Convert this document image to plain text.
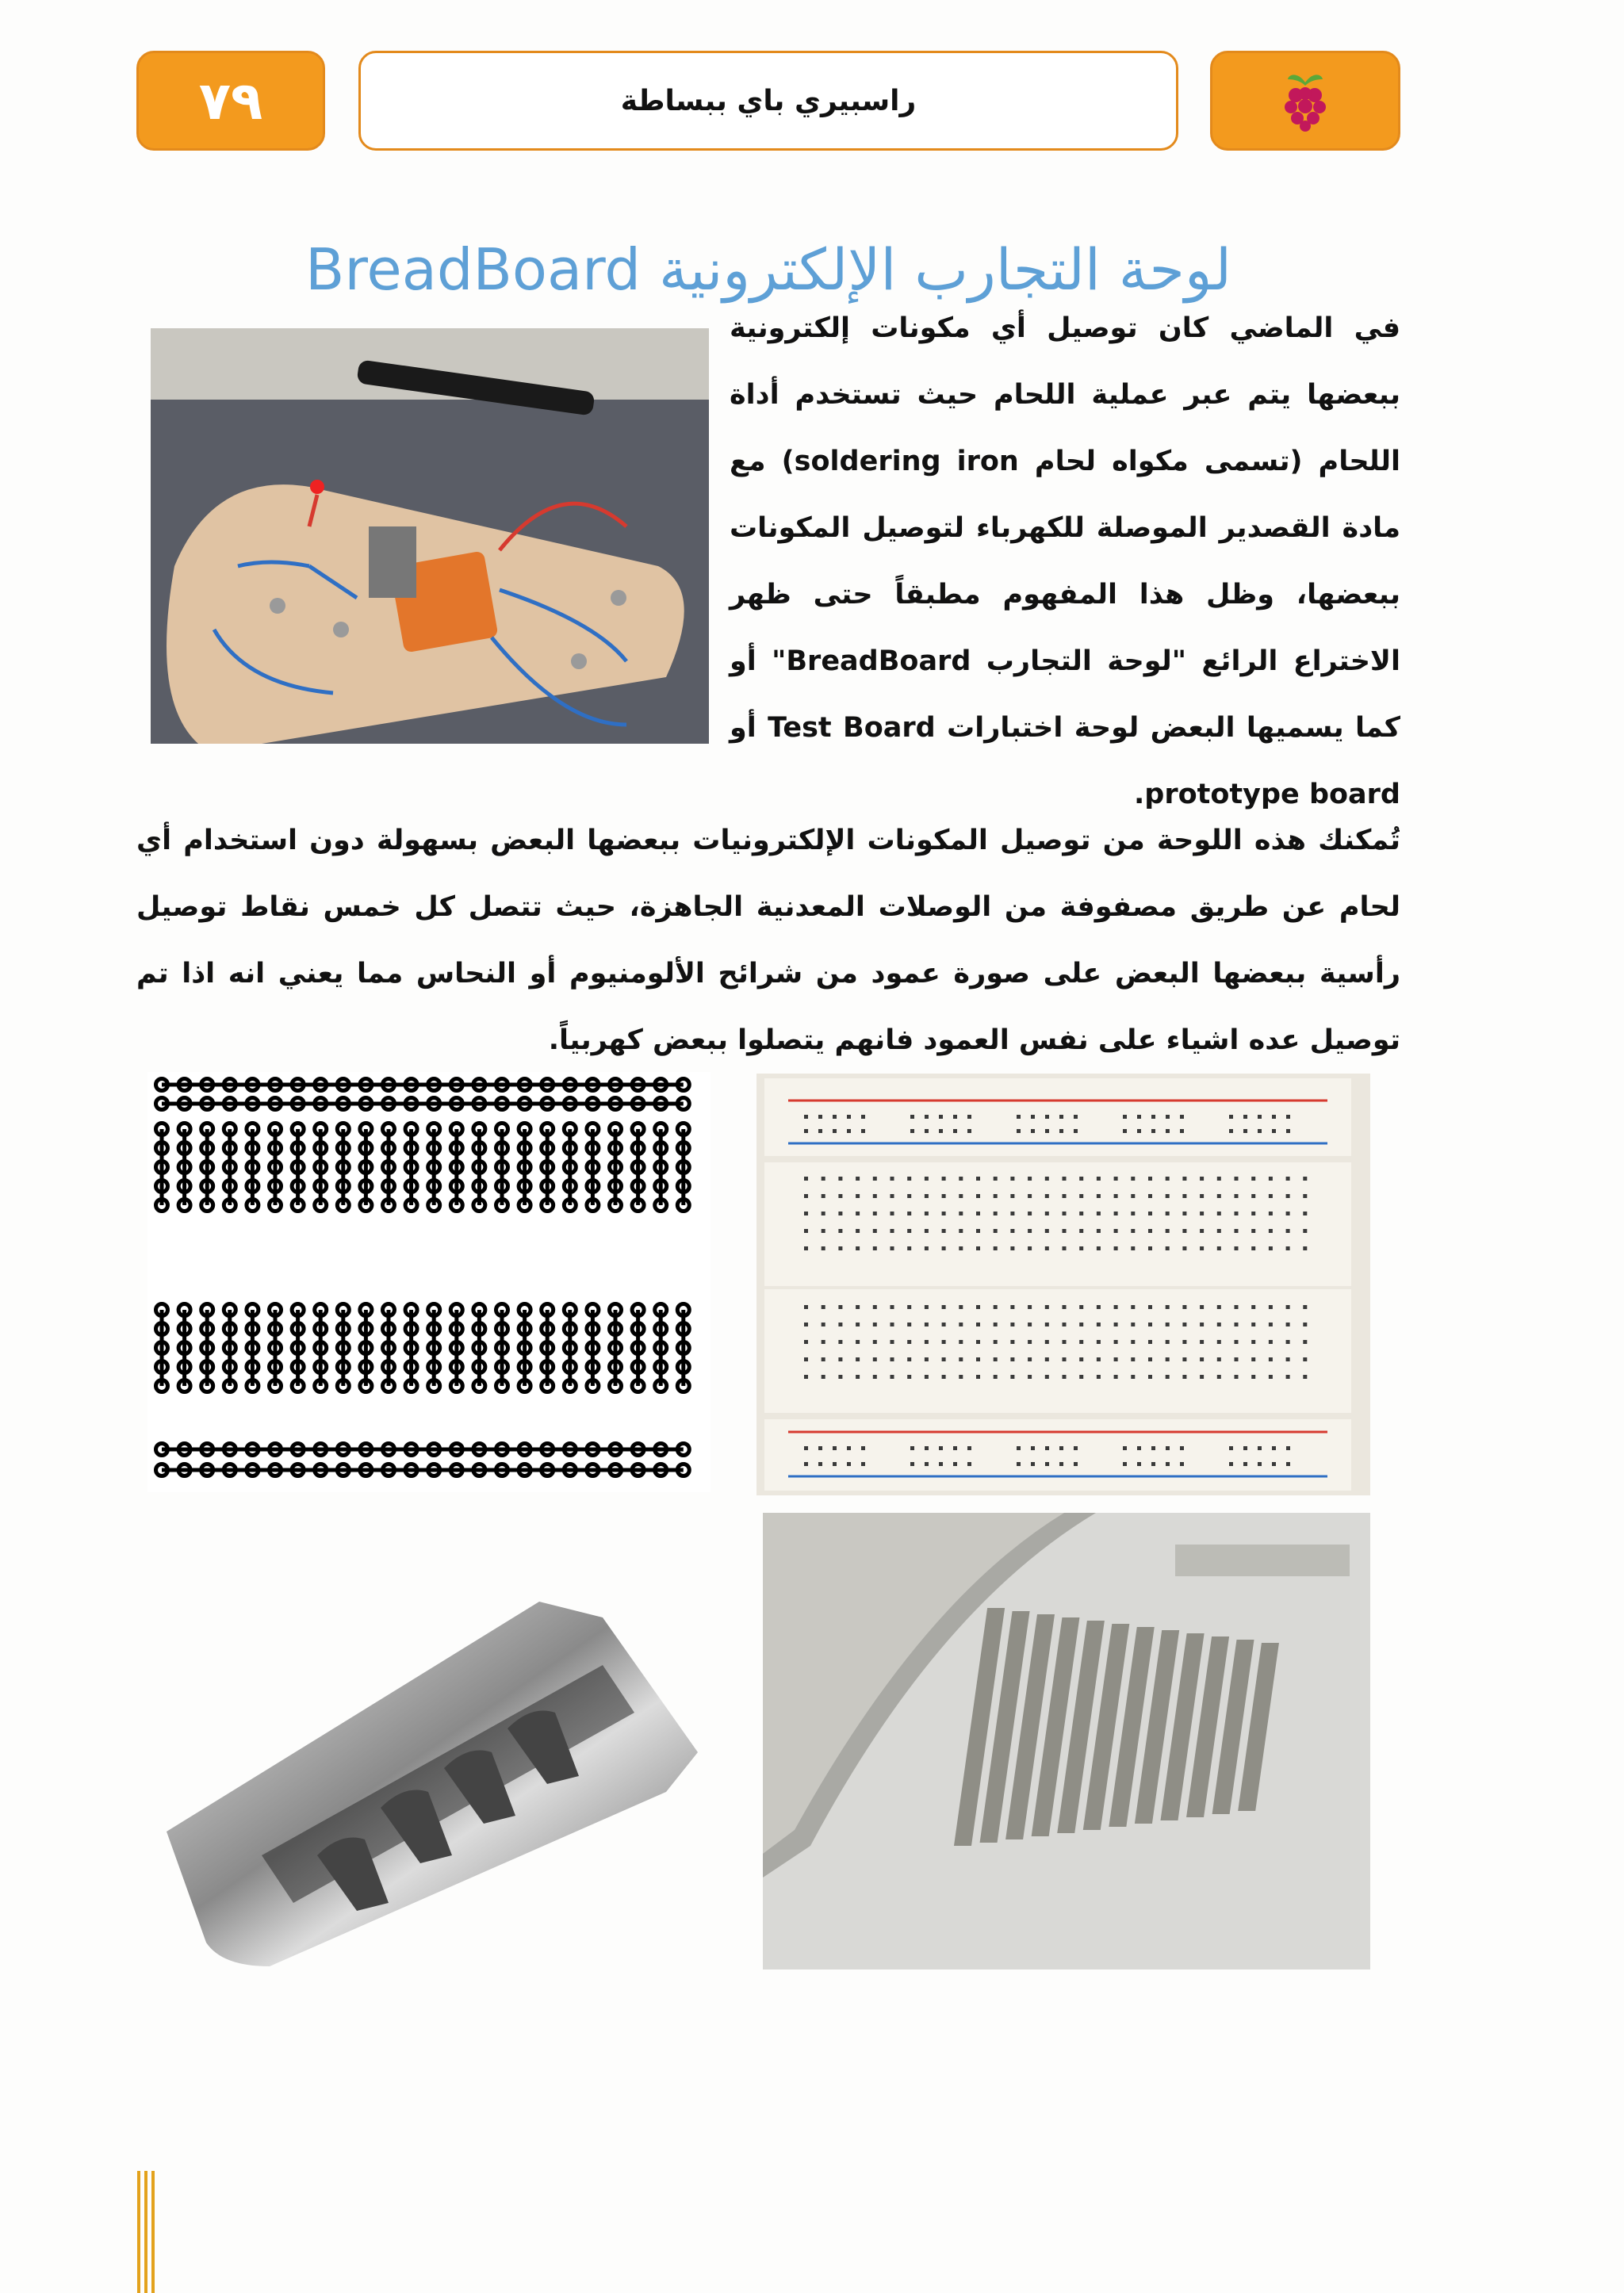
٧٩	راسبيري باي ببساطة
لوحة التجارب الإلكترونية BreadBoard

في الماضي كان توصيل أي مكونات إلكترونية ببعضها يتم عبر عملية اللحام حيث تستخدم أداة اللحام (تسمى مكواه لحام soldering iron) مع مادة القصدير الموصلة للكهرباء لتوصيل المكونات ببعضها، وظل هذا المفهوم مطبقاً حتى ظهر الاختراع الرائع "لوحة التجارب BreadBoard" أو كما يسميها البعض لوحة اختبارات Test Board أو prototype board.

تُمكنك هذه اللوحة من توصيل المكونات الإلكترونيات ببعضها البعض بسهولة دون استخدام أي لحام عن طريق مصفوفة من الوصلات المعدنية الجاهزة، حيث تتصل كل خمس نقاط توصيل رأسية ببعضها البعض على صورة عمود من شرائح الألومنيوم أو النحاس مما يعني انه اذا تم توصيل عده اشياء على نفس العمود فانهم يتصلوا ببعض كهربياً.
